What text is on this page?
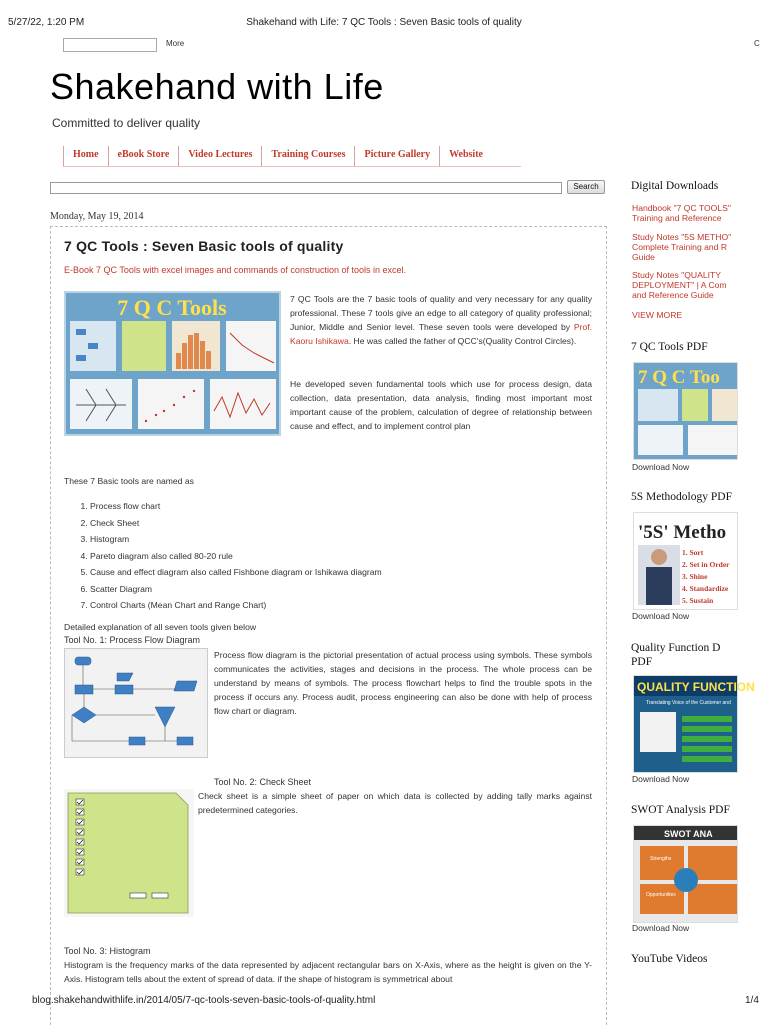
5/27/22, 1:20 PM	Shakehand with Life: 7 QC Tools : Seven Basic tools of quality
More	C
Shakehand with Life
Committed to deliver quality
Home	eBook Store	Video Lectures	Training Courses	Picture Gallery	Website
Search
Monday, May 19, 2014
7 QC Tools : Seven Basic tools of quality
E-Book 7 QC Tools with excel images and commands of construction of tools in excel.
7 Q C Tools	7 QC Tools are the 7 basic tools of quality and very necessary for any quality professional. These 7 tools give an edge to all category of quality professional; Junior, Middle and Senior level. These seven tools were developed by Prof. Kaoru Ishikawa. He was called the father of QCC's(Quality Control Circles).
He developed seven fundamental tools which use for process design, data collection, data presentation, data analysis, finding most important most important cause of the problem, calculation of degree of relationship between cause and effect, and to implement control plan
These 7 Basic tools are named as
1. Process flow chart
2. Check Sheet
3. Histogram
4. Pareto diagram also called 80-20 rule
5. Cause and effect diagram also called Fishbone diagram or Ishikawa diagram
6. Scatter Diagram
7. Control Charts (Mean Chart and Range Chart)
Detailed explanation of all seven tools given below
Tool No. 1: Process Flow Diagram
Process flow diagram is the pictorial presentation of actual process using symbols. These symbols communicates the activities, stages and decisions in the process. The whole process can be understand by means of symbols. The process flowchart helps to find the trouble spots in the process if occurs any. Process audit, process engineering can also be done with help of process flow chart or diagram.
Tool No. 2: Check Sheet
Check sheet is a simple sheet of paper on which data is collected by adding tally marks against predetermined categories.
Tool No. 3: Histogram
Histogram is the frequency marks of the data represented by adjacent rectangular bars on X-Axis, where as the height is given on the Y-Axis. Histogram tells about the extent of spread of data. if the shape of histogram is symmetrical about
Digital Downloads
Handbook "7 QC TOOLS" Training and Reference
Study Notes "5S METHO" Complete Training and R Guide
Study Notes "QUALITY DEPLOYMENT" | A Com and Reference Guide
VIEW MORE
7 QC Tools PDF
7 Q C Too
Download Now
5S Methodology PDF
'5S' Metho
1. Sort
2. Set in Order
3. Shine
4. Standardize
5. Sustain
Download Now
Quality Function D PDF
QUALITY FUNCTION
Translating Voice of the Customer and
Download Now
SWOT Analysis PDF
SWOT ANA
Strengths
Opportunities
Download Now
YouTube Videos
blog.shakehandwithlife.in/2014/05/7-qc-tools-seven-basic-tools-of-quality.html	1/4
